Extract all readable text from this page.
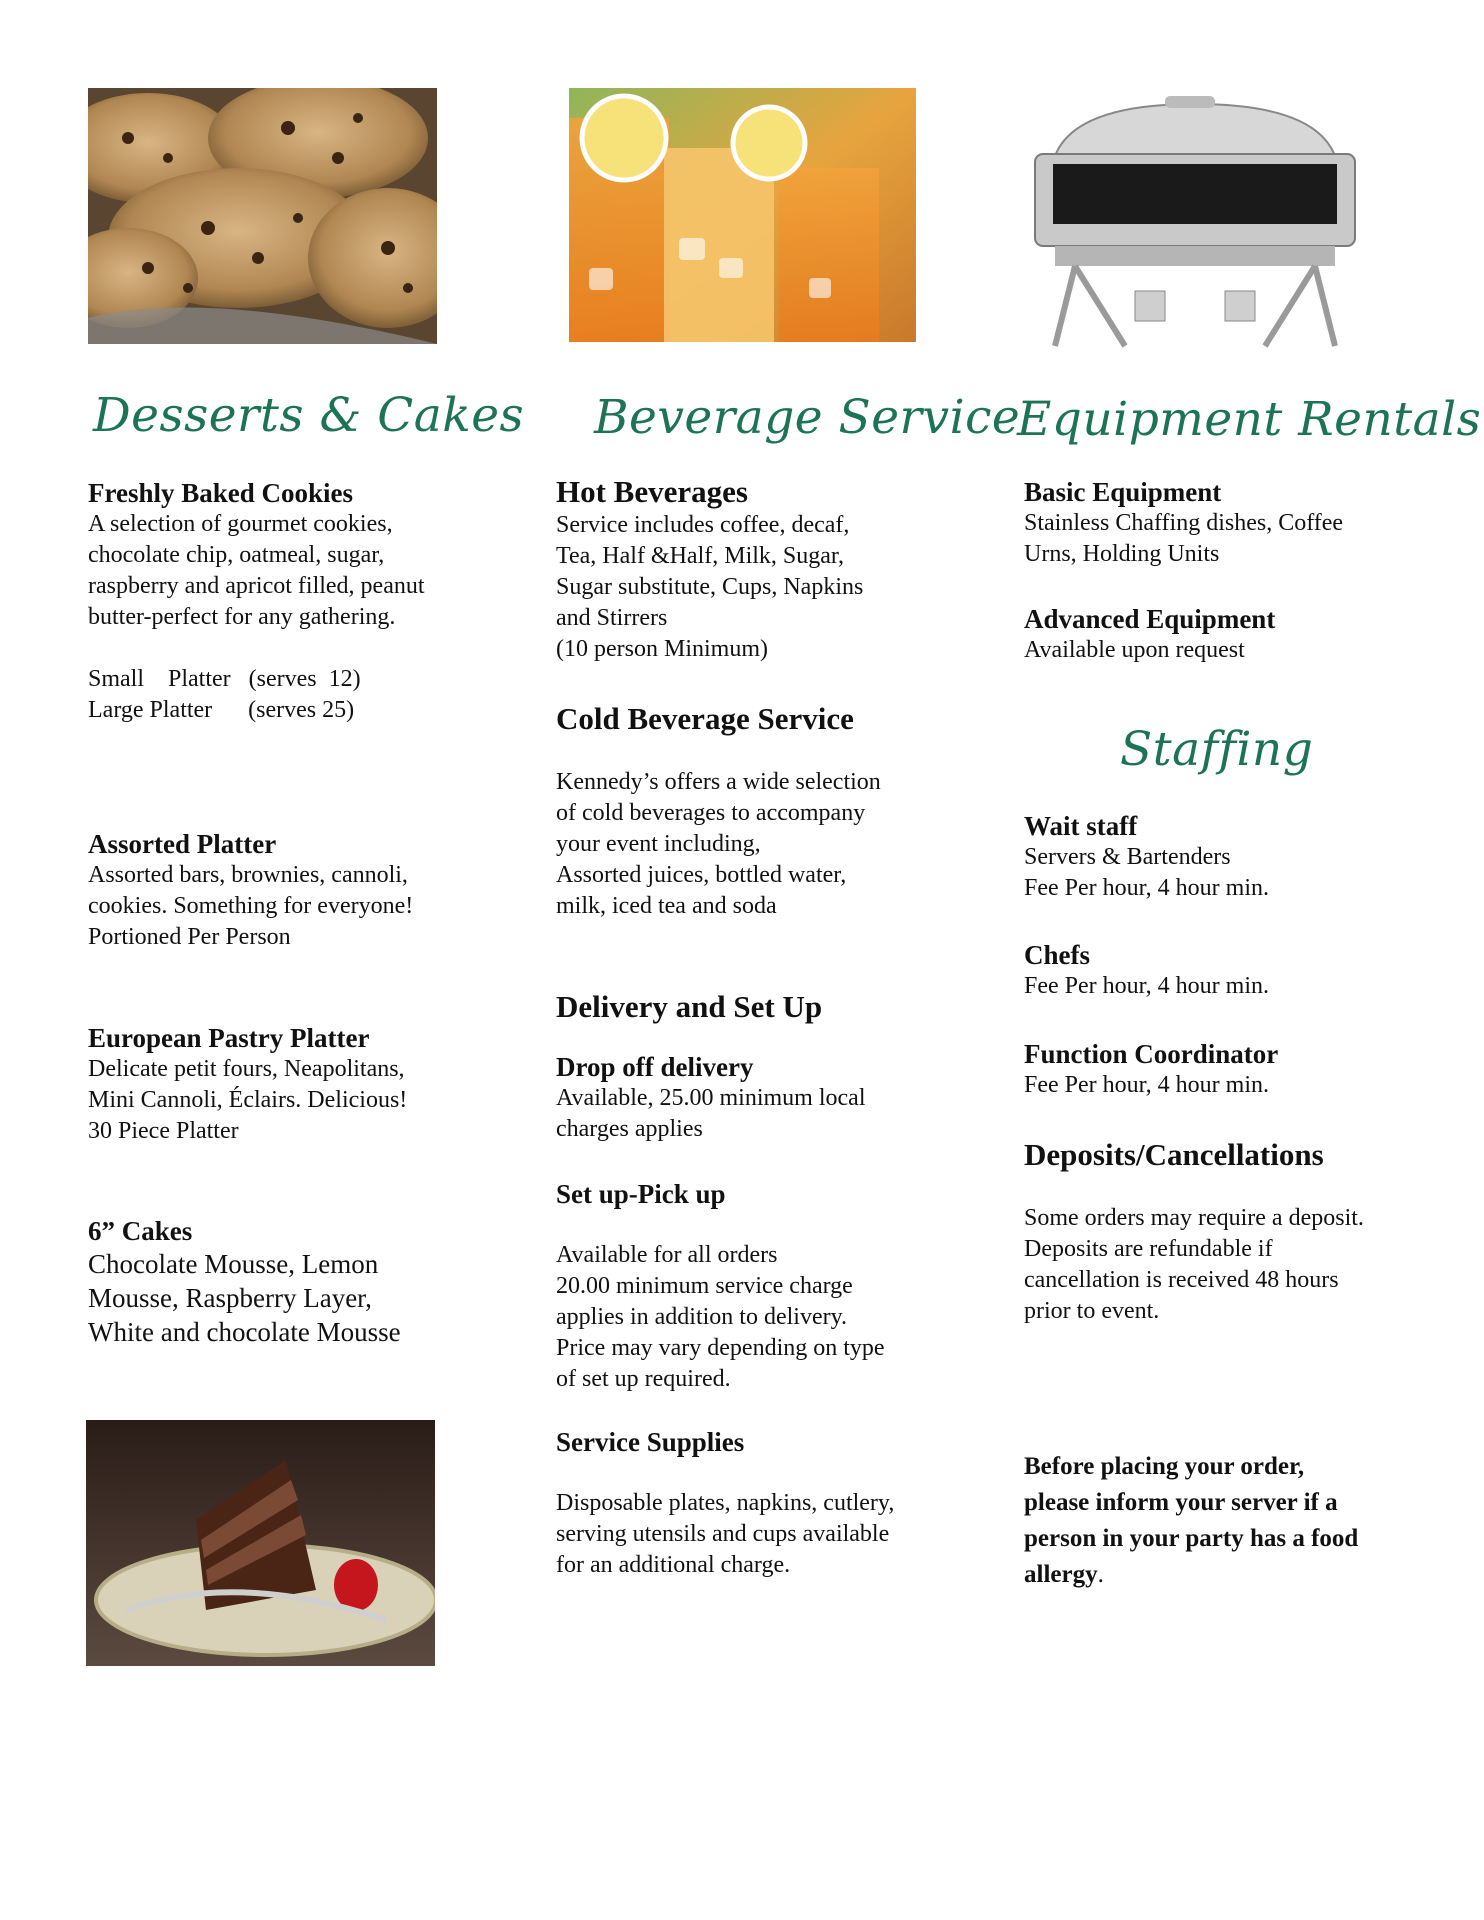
Desserts & Cakes

Freshly Baked Cookies

A selection of gourmet cookies,
chocolate chip, oatmeal, sugar,
raspberry and apricot filled, peanut
butter-perfect for any gathering.

Small    Platter   (serves  12)

Large Platter      (serves 25)

Assorted Platter

Assorted bars, brownies, cannoli,
cookies. Something for everyone!
Portioned Per Person

European Pastry Platter

Delicate petit fours, Neapolitans,
Mini Cannoli, Éclairs. Delicious!
30 Piece Platter

6” Cakes

Chocolate Mousse, Lemon
Mousse, Raspberry Layer,
White and chocolate Mousse

Beverage Service

Hot Beverages

Service includes coffee, decaf,
Tea, Half &Half, Milk, Sugar,
Sugar substitute, Cups, Napkins
and Stirrers
(10 person Minimum)

Cold Beverage Service

Kennedy’s offers a wide selection
of cold beverages to accompany
your event including,
Assorted juices, bottled water,
milk, iced tea and soda

Delivery and Set Up

Drop off delivery

Available, 25.00 minimum local
charges applies

Set up-Pick up

Available for all orders
20.00 minimum service charge
applies in addition to delivery.
Price may vary depending on type
of set up required.

Service Supplies

Disposable plates, napkins, cutlery,
serving utensils and cups available
for an additional charge.

Equipment Rentals

Basic Equipment

Stainless Chaffing dishes, Coffee
Urns, Holding Units

Advanced Equipment

Available upon request

Staffing

Wait staff

Servers & Bartenders
Fee Per hour, 4 hour min.

Chefs

Fee Per hour, 4 hour min.

Function Coordinator

Fee Per hour, 4 hour min.

Deposits/Cancellations

Some orders may require a deposit.
Deposits are refundable if
cancellation is received 48 hours
prior to event.

Before placing your order,
please inform your server if a
person in your party has a food
allergy.
